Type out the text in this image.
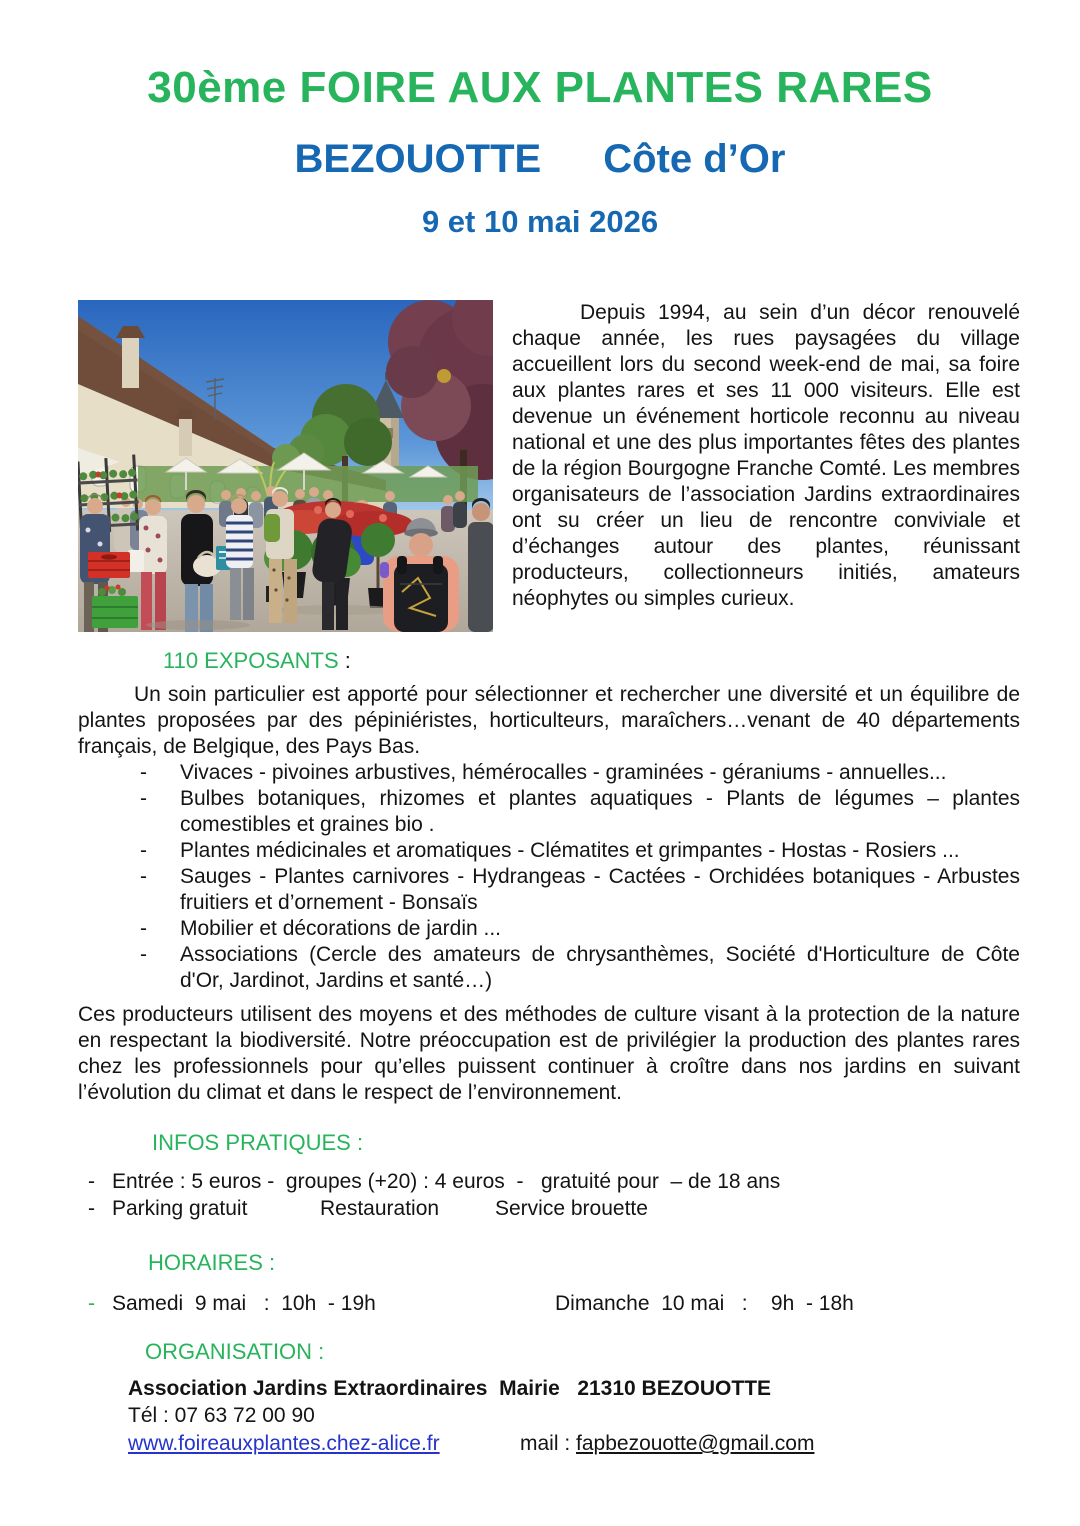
30ème FOIRE AUX PLANTES RARES
BEZOUOTTE Côte d’Or
9 et 10 mai 2026
Depuis 1994, au sein d’un décor renouvelé chaque année, les rues paysagées du village accueillent lors du second week-end de mai, sa foire aux plantes rares et ses 11 000 visiteurs. Elle est devenue un événement horticole reconnu au niveau national et une des plus importantes fêtes des plantes de la région Bourgogne Franche Comté. Les membres organisateurs de l’association Jardins extraordinaires ont su créer un lieu de rencontre conviviale et d’échanges autour des plantes, réunissant producteurs, collectionneurs initiés, amateurs néophytes ou simples curieux.
110 EXPOSANTS :

Un soin particulier est apporté pour sélectionner et rechercher une diversité et un équilibre de plantes proposées par des pépiniéristes, horticulteurs, maraîchers…venant de 40 départements français, de Belgique, des Pays Bas.

-	Vivaces - pivoines arbustives, hémérocalles - graminées - géraniums - annuelles...
-	Bulbes botaniques, rhizomes et plantes aquatiques - Plants de légumes – plantes comestibles et graines bio .
-	Plantes médicinales et aromatiques - Clématites et grimpantes - Hostas - Rosiers ...
-	Sauges - Plantes carnivores - Hydrangeas - Cactées - Orchidées botaniques - Arbustes fruitiers et d’ornement - Bonsaïs
-	Mobilier et décorations de jardin ...
-	Associations (Cercle des amateurs de chrysanthèmes, Société d'Horticulture de Côte d'Or, Jardinot, Jardins et santé…)

Ces producteurs utilisent des moyens et des méthodes de culture visant à la protection de la nature en respectant la biodiversité. Notre préoccupation est de privilégier la production des plantes rares chez les professionnels pour qu’elles puissent continuer à croître dans nos jardins en suivant l’évolution du climat et dans le respect de l’environnement.

INFOS PRATIQUES :
- Entrée : 5 euros -  groupes (+20) : 4 euros  -   gratuité pour  – de 18 ans
- Parking gratuit	Restauration	Service brouette
HORAIRES :
- Samedi  9 mai   :  10h  - 19h	Dimanche  10 mai   :    9h  - 18h
ORGANISATION :
Association Jardins Extraordinaires  Mairie   21310 BEZOUOTTE
Tél : 07 63 72 00 90
www.foireauxplantes.chez-alice.fr	mail : fapbezouotte@gmail.com
